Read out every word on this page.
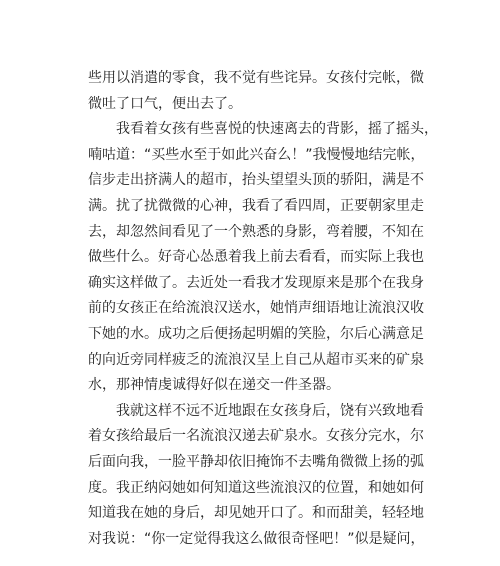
些用以消遣的零食，我不觉有些诧异。女孩付完帐，微
微吐了口气，便出去了。
我看着女孩有些喜悦的快速离去的背影，摇了摇头，
喃咕道：“买些水至于如此兴奋么！”我慢慢地结完帐，
信步走出挤满人的超市，抬头望望头顶的骄阳，满是不
满。扰了扰微微的心神，我看了看四周，正要朝家里走
去，却忽然间看见了一个熟悉的身影，弯着腰，不知在
做些什么。好奇心怂恿着我上前去看看，而实际上我也
确实这样做了。去近处一看我才发现原来是那个在我身
前的女孩正在给流浪汉送水，她悄声细语地让流浪汉收
下她的水。成功之后便扬起明媚的笑脸，尔后心满意足
的向近旁同样疲乏的流浪汉呈上自己从超市买来的矿泉
水，那神情虔诚得好似在递交一件圣器。
我就这样不远不近地跟在女孩身后，饶有兴致地看
着女孩给最后一名流浪汉递去矿泉水。女孩分完水，尔
后面向我，一脸平静却依旧掩饰不去嘴角微微上扬的弧
度。我正纳闷她如何知道这些流浪汉的位置，和她如何
知道我在她的身后，却见她开口了。和而甜美，轻轻地
对我说：“你一定觉得我这么做很奇怪吧！”似是疑问，
